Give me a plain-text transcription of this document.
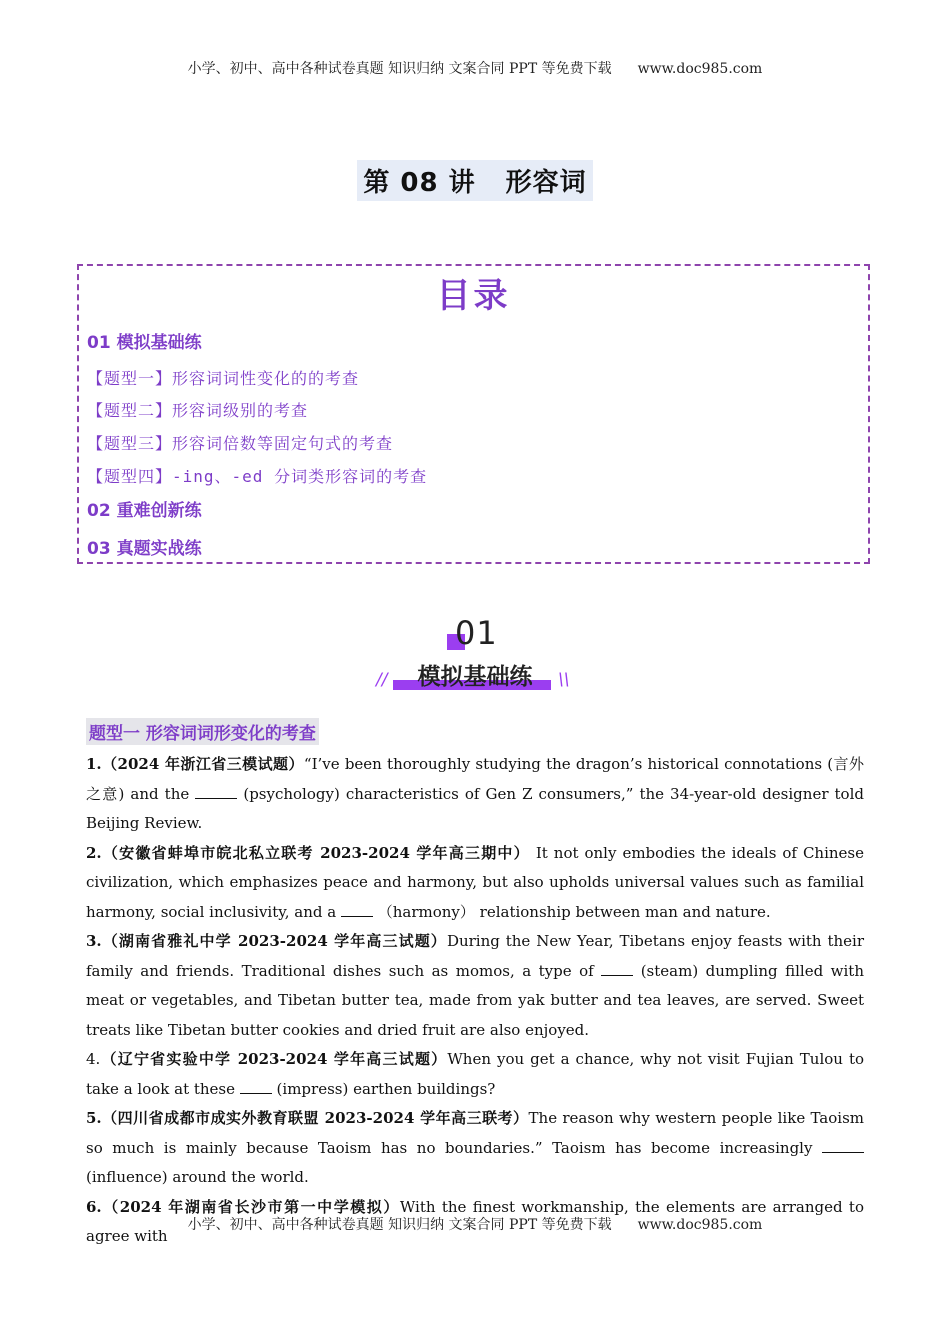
小学、初中、高中各种试卷真题 知识归纳 文案合同 PPT 等免费下载 www.doc985.com
第 08 讲 形容词
目录
01 模拟基础练
【题型一】形容词词性变化的的考查
【题型二】形容词级别的考查
【题型三】形容词倍数等固定句式的考查
【题型四】-ing、-ed 分词类形容词的考查
02 重难创新练
03 真题实战练
01
//	模拟基础练	\\
题型一 形容词词形变化的考查

1.（2024 年浙江省三模试题）“I’ve been thoroughly studying the dragon’s historical connotations (言外之意) and the	(psychology) characteristics of Gen Z consumers,” the 34-year-old designer told Beijing Review.

2.（安徽省蚌埠市皖北私立联考 2023-2024 学年高三期中） It not only embodies the ideals of Chinese civilization, which emphasizes peace and harmony, but also upholds universal values such as familial harmony, social inclusivity, and a  （harmony） relationship between man and nature.

3.（湖南省雅礼中学 2023-2024 学年高三试题）During the New Year, Tibetans enjoy feasts with their family and friends. Traditional dishes such as momos, a type of  (steam) dumpling filled with meat or vegetables, and Tibetan butter tea, made from yak butter and tea leaves, are served. Sweet treats like Tibetan butter cookies and dried fruit are also enjoyed.

4.（辽宁省实验中学 2023-2024 学年高三试题）When you get a chance, why not visit Fujian Tulou to take a look at these  (impress) earthen buildings?

5.（四川省成都市成实外教育联盟 2023-2024 学年高三联考）The reason why western people like Taoism so much is mainly because Taoism has no boundaries.” Taoism has become increasingly  (influence) around the world.

6.（2024 年湖南省长沙市第一中学模拟）With the finest workmanship, the elements are arranged to agree with

小学、初中、高中各种试卷真题 知识归纳 文案合同 PPT 等免费下载 www.doc985.com
